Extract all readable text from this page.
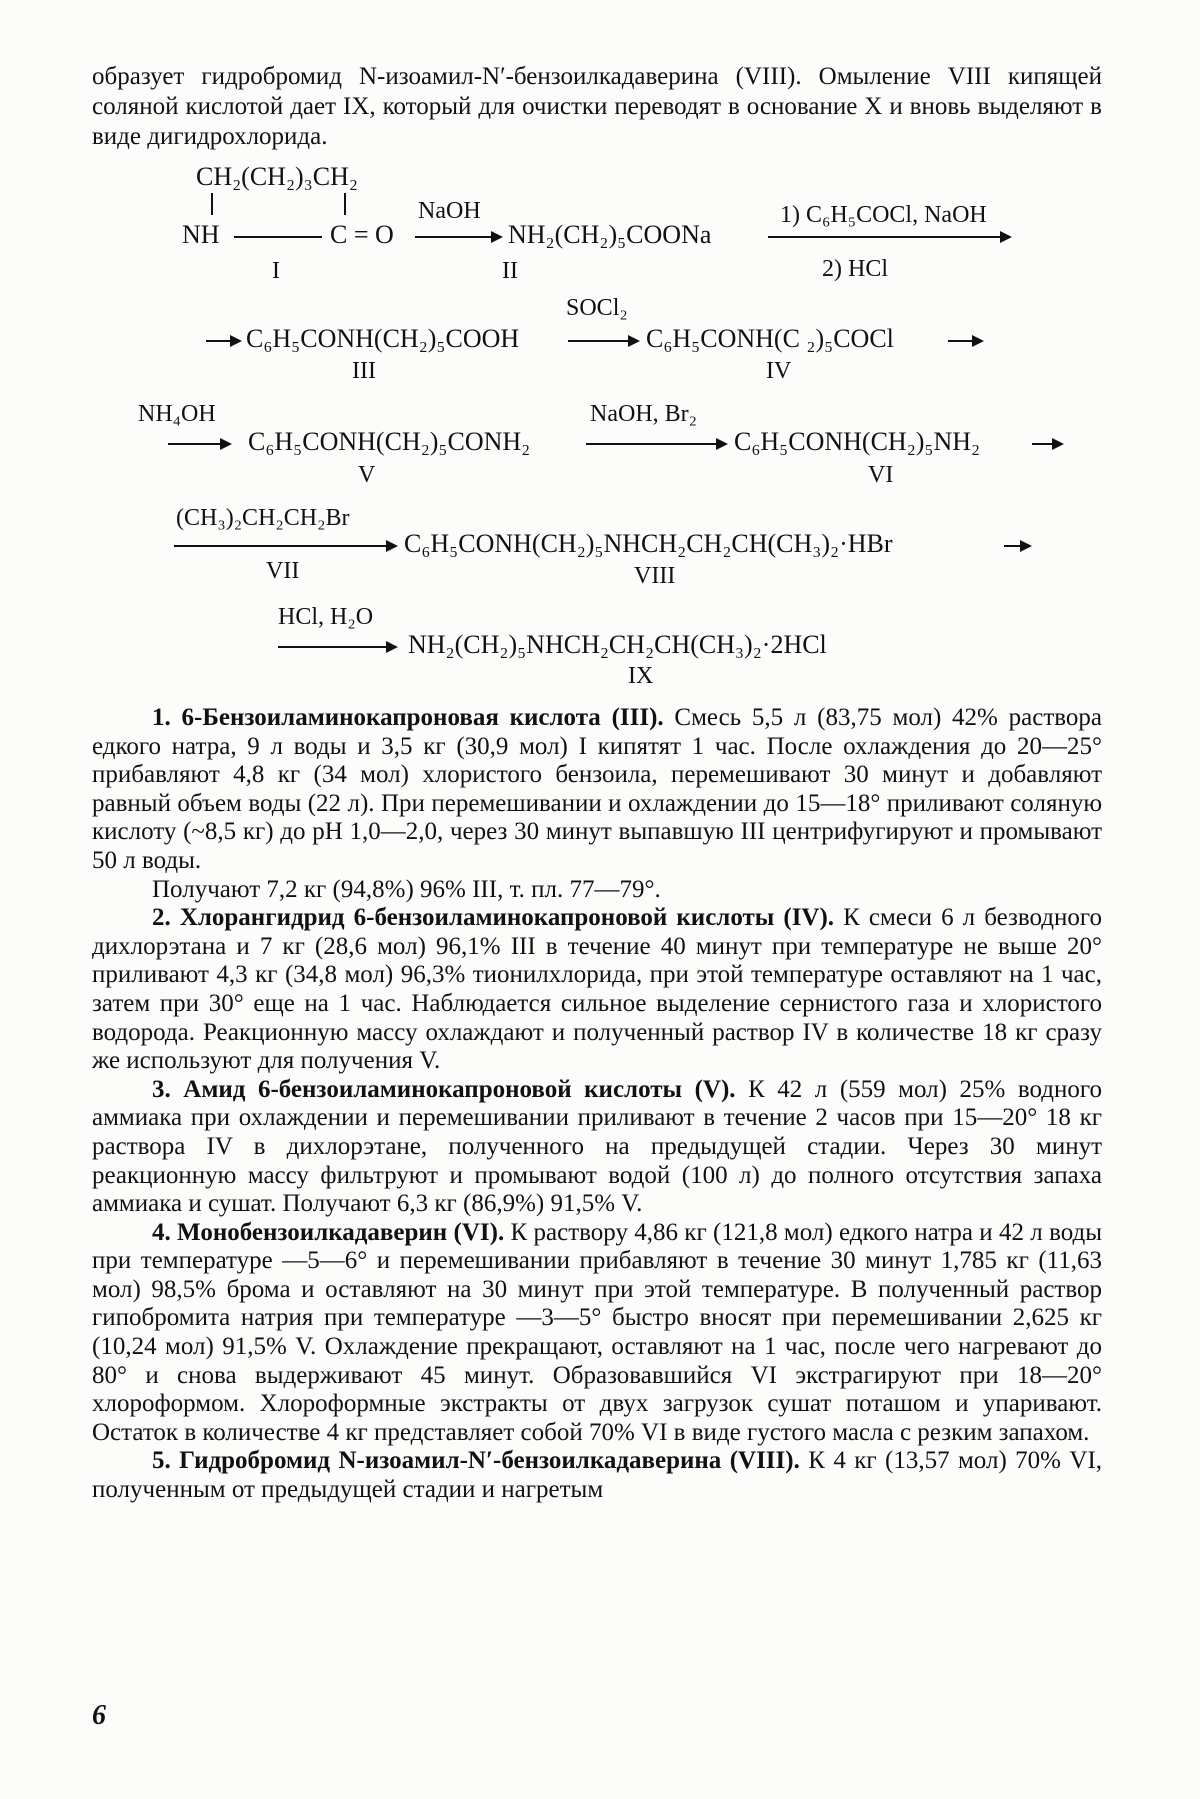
образует гидробромид N-изоамил-N′-бензоилкадаверина (VIII). Омыление VIII кипящей соляной кислотой дает IX, который для очистки переводят в основание X и вновь выделяют в виде дигидрохлорида.

CH₂(CH₂)₃CH₂
NH	C = O
I
NaOH
NH₂(CH₂)₅COONa
II
1) C₆H₅COCl, NaOH
2) HCl
SOCl₂
→ C₆H₅CONH(CH₂)₅COOH
III
C₆H₅CONH(C ₂)₅COCl
IV
NH₄OH
→ C₆H₅CONH(CH₂)₅CONH₂
V
NaOH, Br₂
C₆H₅CONH(CH₂)₅NH₂
VI
(CH₃)₂CH₂CH₂Br
VII
C₆H₅CONH(CH₂)₅NHCH₂CH₂CH(CH₃)₂·HBr
VIII
HCl, H₂O
NH₂(CH₂)₅NHCH₂CH₂CH(CH₃)₂·2HCl
IX

1. 6-Бензоиламинокапроновая кислота (III). Смесь 5,5 л (83,75 мол) 42% раствора едкого натра, 9 л воды и 3,5 кг (30,9 мол) I кипятят 1 час. После охлаждения до 20—25° прибавляют 4,8 кг (34 мол) хлористого бензоила, перемешивают 30 минут и добавляют равный объем воды (22 л). При перемешивании и охлаждении до 15—18° приливают соляную кислоту (~8,5 кг) до pH 1,0—2,0, через 30 минут выпавшую III центрифугируют и промывают 50 л воды.

Получают 7,2 кг (94,8%) 96% III, т. пл. 77—79°.

2. Хлорангидрид 6-бензоиламинокапроновой кислоты (IV). К смеси 6 л безводного дихлорэтана и 7 кг (28,6 мол) 96,1% III в течение 40 минут при температуре не выше 20° приливают 4,3 кг (34,8 мол) 96,3% тионилхлорида, при этой температуре оставляют на 1 час, затем при 30° еще на 1 час. Наблюдается сильное выделение сернистого газа и хлористого водорода. Реакционную массу охлаждают и полученный раствор IV в количестве 18 кг сразу же используют для получения V.

3. Амид 6-бензоиламинокапроновой кислоты (V). К 42 л (559 мол) 25% водного аммиака при охлаждении и перемешивании приливают в течение 2 часов при 15—20° 18 кг раствора IV в дихлорэтане, полученного на предыдущей стадии. Через 30 минут реакционную массу фильтруют и промывают водой (100 л) до полного отсутствия запаха аммиака и сушат. Получают 6,3 кг (86,9%) 91,5% V.

4. Монобензоилкадаверин (VI). К раствору 4,86 кг (121,8 мол) едкого натра и 42 л воды при температуре —5—6° и перемешивании прибавляют в течение 30 минут 1,785 кг (11,63 мол) 98,5% брома и оставляют на 30 минут при этой температуре. В полученный раствор гипобромита натрия при температуре —3—5° быстро вносят при перемешивании 2,625 кг (10,24 мол) 91,5% V. Охлаждение прекращают, оставляют на 1 час, после чего нагревают до 80° и снова выдерживают 45 минут. Образовавшийся VI экстрагируют при 18—20° хлороформом. Хлороформные экстракты от двух загрузок сушат поташом и упаривают. Остаток в количестве 4 кг представляет собой 70% VI в виде густого масла с резким запахом.

5. Гидробромид N-изоамил-N′-бензоилкадаверина (VIII). К 4 кг (13,57 мол) 70% VI, полученным от предыдущей стадии и нагретым

6
